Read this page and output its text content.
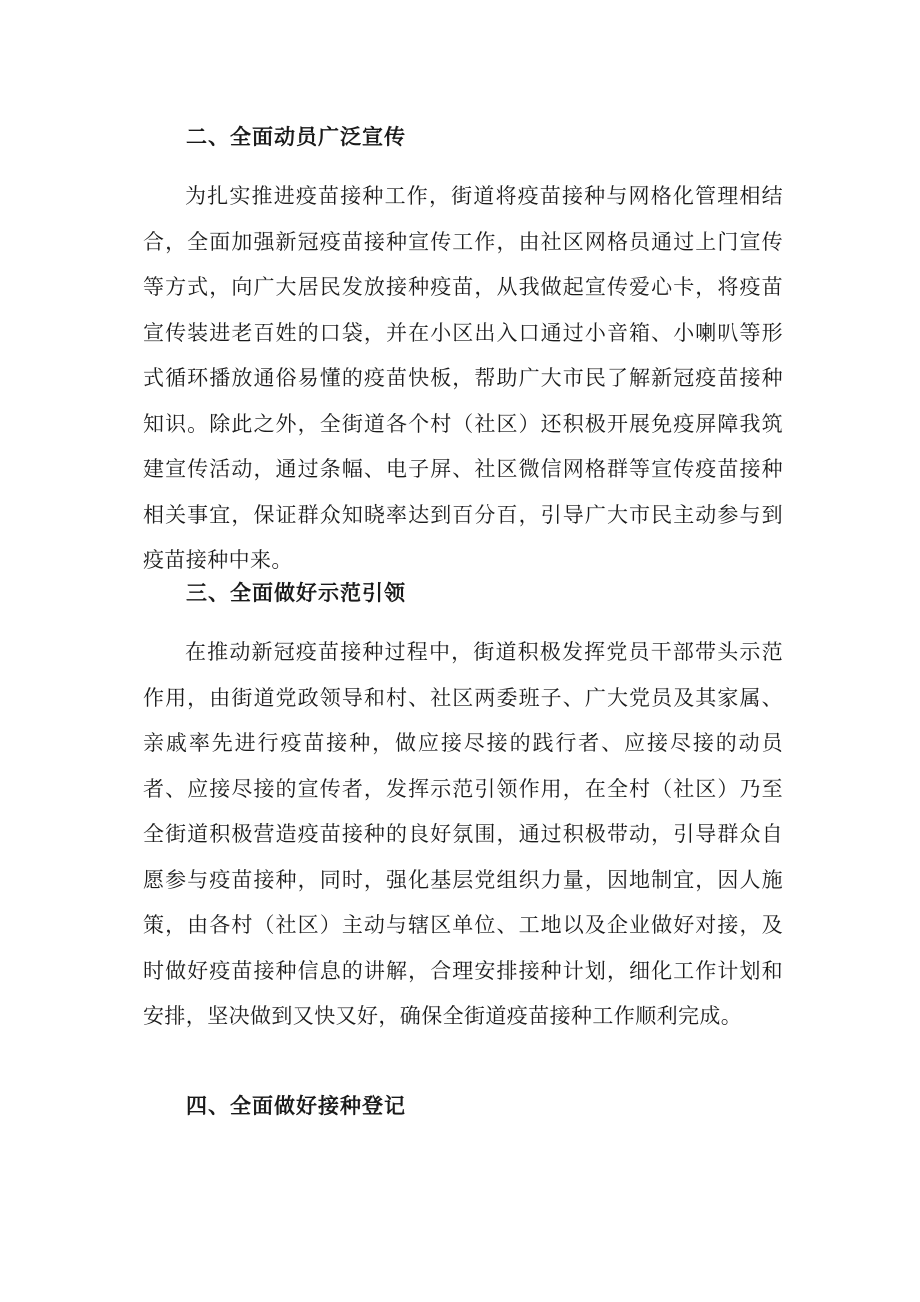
二、全面动员广泛宣传
为扎实推进疫苗接种工作，街道将疫苗接种与网格化管理相结合，全面加强新冠疫苗接种宣传工作，由社区网格员通过上门宣传等方式，向广大居民发放接种疫苗，从我做起宣传爱心卡，将疫苗宣传装进老百姓的口袋，并在小区出入口通过小音箱、小喇叭等形式循环播放通俗易懂的疫苗快板，帮助广大市民了解新冠疫苗接种知识。除此之外，全街道各个村（社区）还积极开展免疫屏障我筑建宣传活动，通过条幅、电子屏、社区微信网格群等宣传疫苗接种相关事宜，保证群众知晓率达到百分百，引导广大市民主动参与到疫苗接种中来。
三、全面做好示范引领
在推动新冠疫苗接种过程中，街道积极发挥党员干部带头示范作用，由街道党政领导和村、社区两委班子、广大党员及其家属、亲戚率先进行疫苗接种，做应接尽接的践行者、应接尽接的动员者、应接尽接的宣传者，发挥示范引领作用，在全村（社区）乃至全街道积极营造疫苗接种的良好氛围，通过积极带动，引导群众自愿参与疫苗接种，同时，强化基层党组织力量，因地制宜，因人施策，由各村（社区）主动与辖区单位、工地以及企业做好对接，及时做好疫苗接种信息的讲解，合理安排接种计划，细化工作计划和安排，坚决做到又快又好，确保全街道疫苗接种工作顺利完成。
四、全面做好接种登记
